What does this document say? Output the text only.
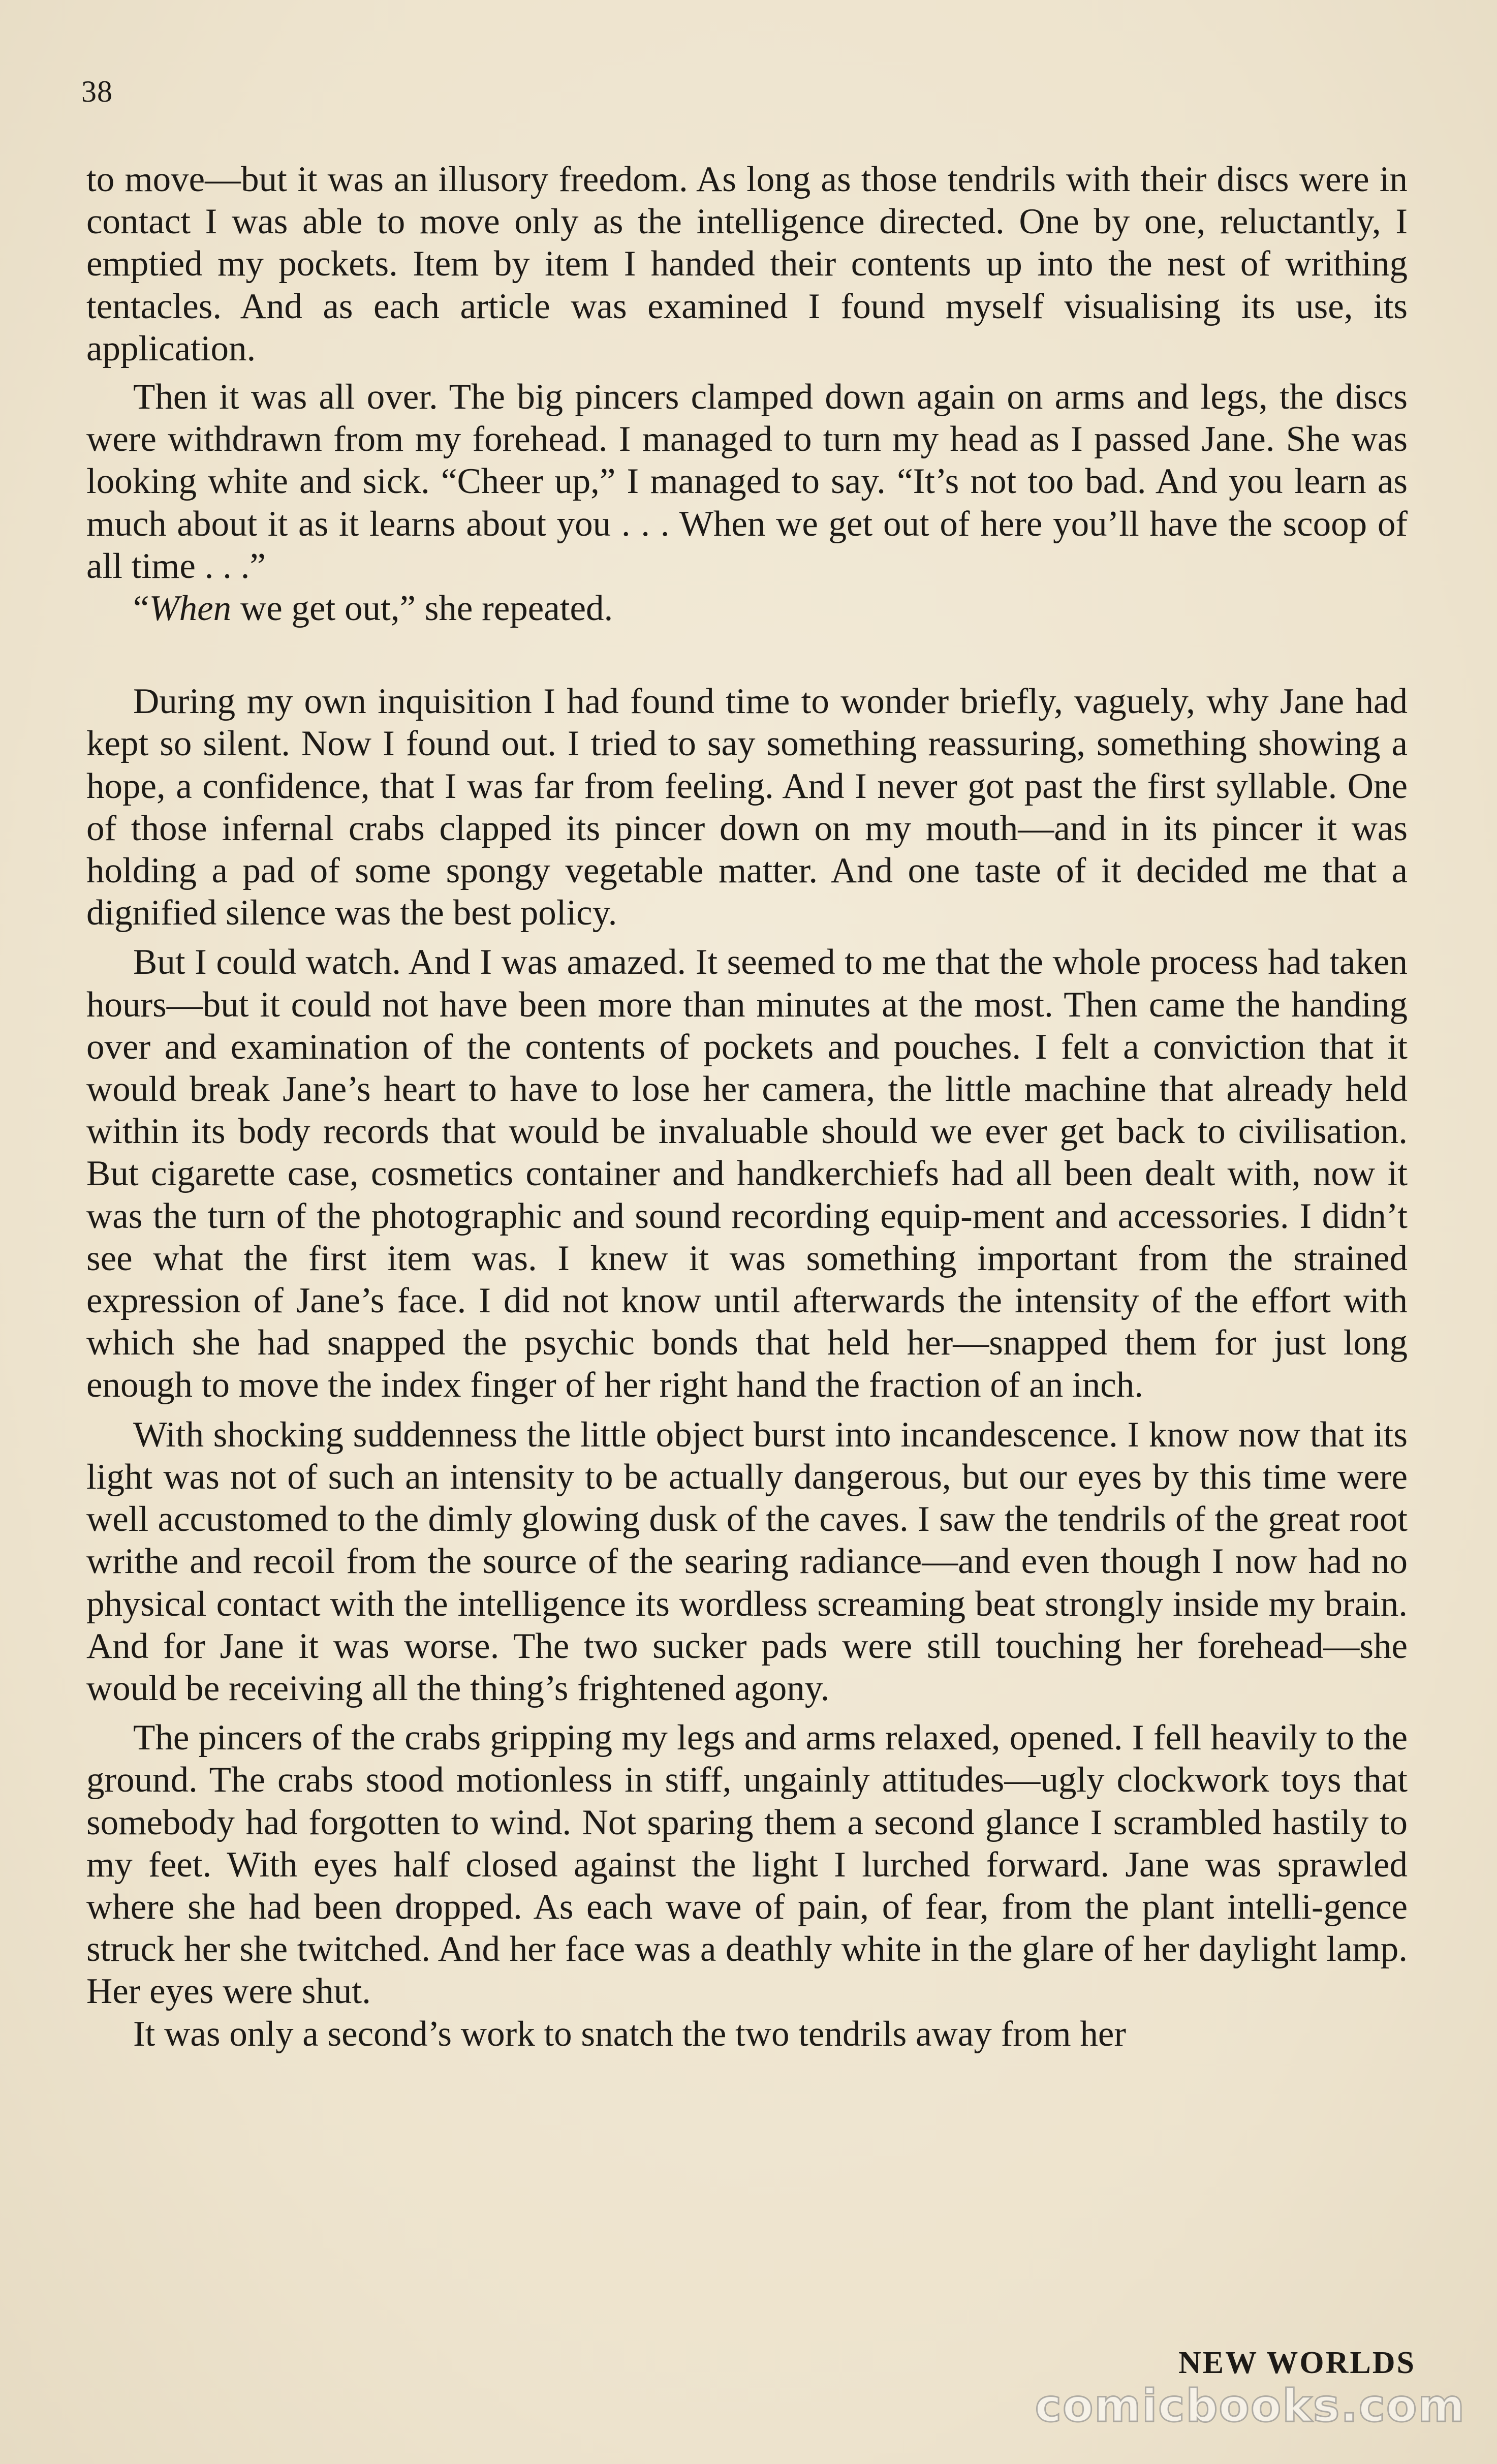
38

to move—but it was an illusory freedom. As long as those tendrils with their discs were in contact I was able to move only as the intelligence directed. One by one, reluctantly, I emptied my pockets. Item by item I handed their contents up into the nest of writhing tentacles. And as each article was examined I found myself visualising its use, its application.

Then it was all over. The big pincers clamped down again on arms and legs, the discs were withdrawn from my forehead. I managed to turn my head as I passed Jane. She was looking white and sick. “Cheer up,” I managed to say. “It’s not too bad. And you learn as much about it as it learns about you . . . When we get out of here you’ll have the scoop of all time . . .”

“When we get out,” she repeated.

During my own inquisition I had found time to wonder briefly, vaguely, why Jane had kept so silent. Now I found out. I tried to say something reassuring, something showing a hope, a confidence, that I was far from feeling. And I never got past the first syllable. One of those infernal crabs clapped its pincer down on my mouth—and in its pincer it was holding a pad of some spongy vegetable matter. And one taste of it decided me that a dignified silence was the best policy.

But I could watch. And I was amazed. It seemed to me that the whole process had taken hours—but it could not have been more than minutes at the most. Then came the handing over and examination of the contents of pockets and pouches. I felt a conviction that it would break Jane’s heart to have to lose her camera, the little machine that already held within its body records that would be invaluable should we ever get back to civilisation. But cigarette case, cosmetics container and handkerchiefs had all been dealt with, now it was the turn of the photographic and sound recording equip-ment and accessories. I didn’t see what the first item was. I knew it was something important from the strained expression of Jane’s face. I did not know until afterwards the intensity of the effort with which she had snapped the psychic bonds that held her—snapped them for just long enough to move the index finger of her right hand the fraction of an inch.

With shocking suddenness the little object burst into incandescence. I know now that its light was not of such an intensity to be actually dangerous, but our eyes by this time were well accustomed to the dimly glowing dusk of the caves. I saw the tendrils of the great root writhe and recoil from the source of the searing radiance—and even though I now had no physical contact with the intelligence its wordless screaming beat strongly inside my brain. And for Jane it was worse. The two sucker pads were still touching her forehead—she would be receiving all the thing’s frightened agony.

The pincers of the crabs gripping my legs and arms relaxed, opened. I fell heavily to the ground. The crabs stood motionless in stiff, ungainly attitudes—ugly clockwork toys that somebody had forgotten to wind. Not sparing them a second glance I scrambled hastily to my feet. With eyes half closed against the light I lurched forward. Jane was sprawled where she had been dropped. As each wave of pain, of fear, from the plant intelli-gence struck her she twitched. And her face was a deathly white in the glare of her daylight lamp. Her eyes were shut.

It was only a second’s work to snatch the two tendrils away from her

NEW WORLDS
comicbooks.com
